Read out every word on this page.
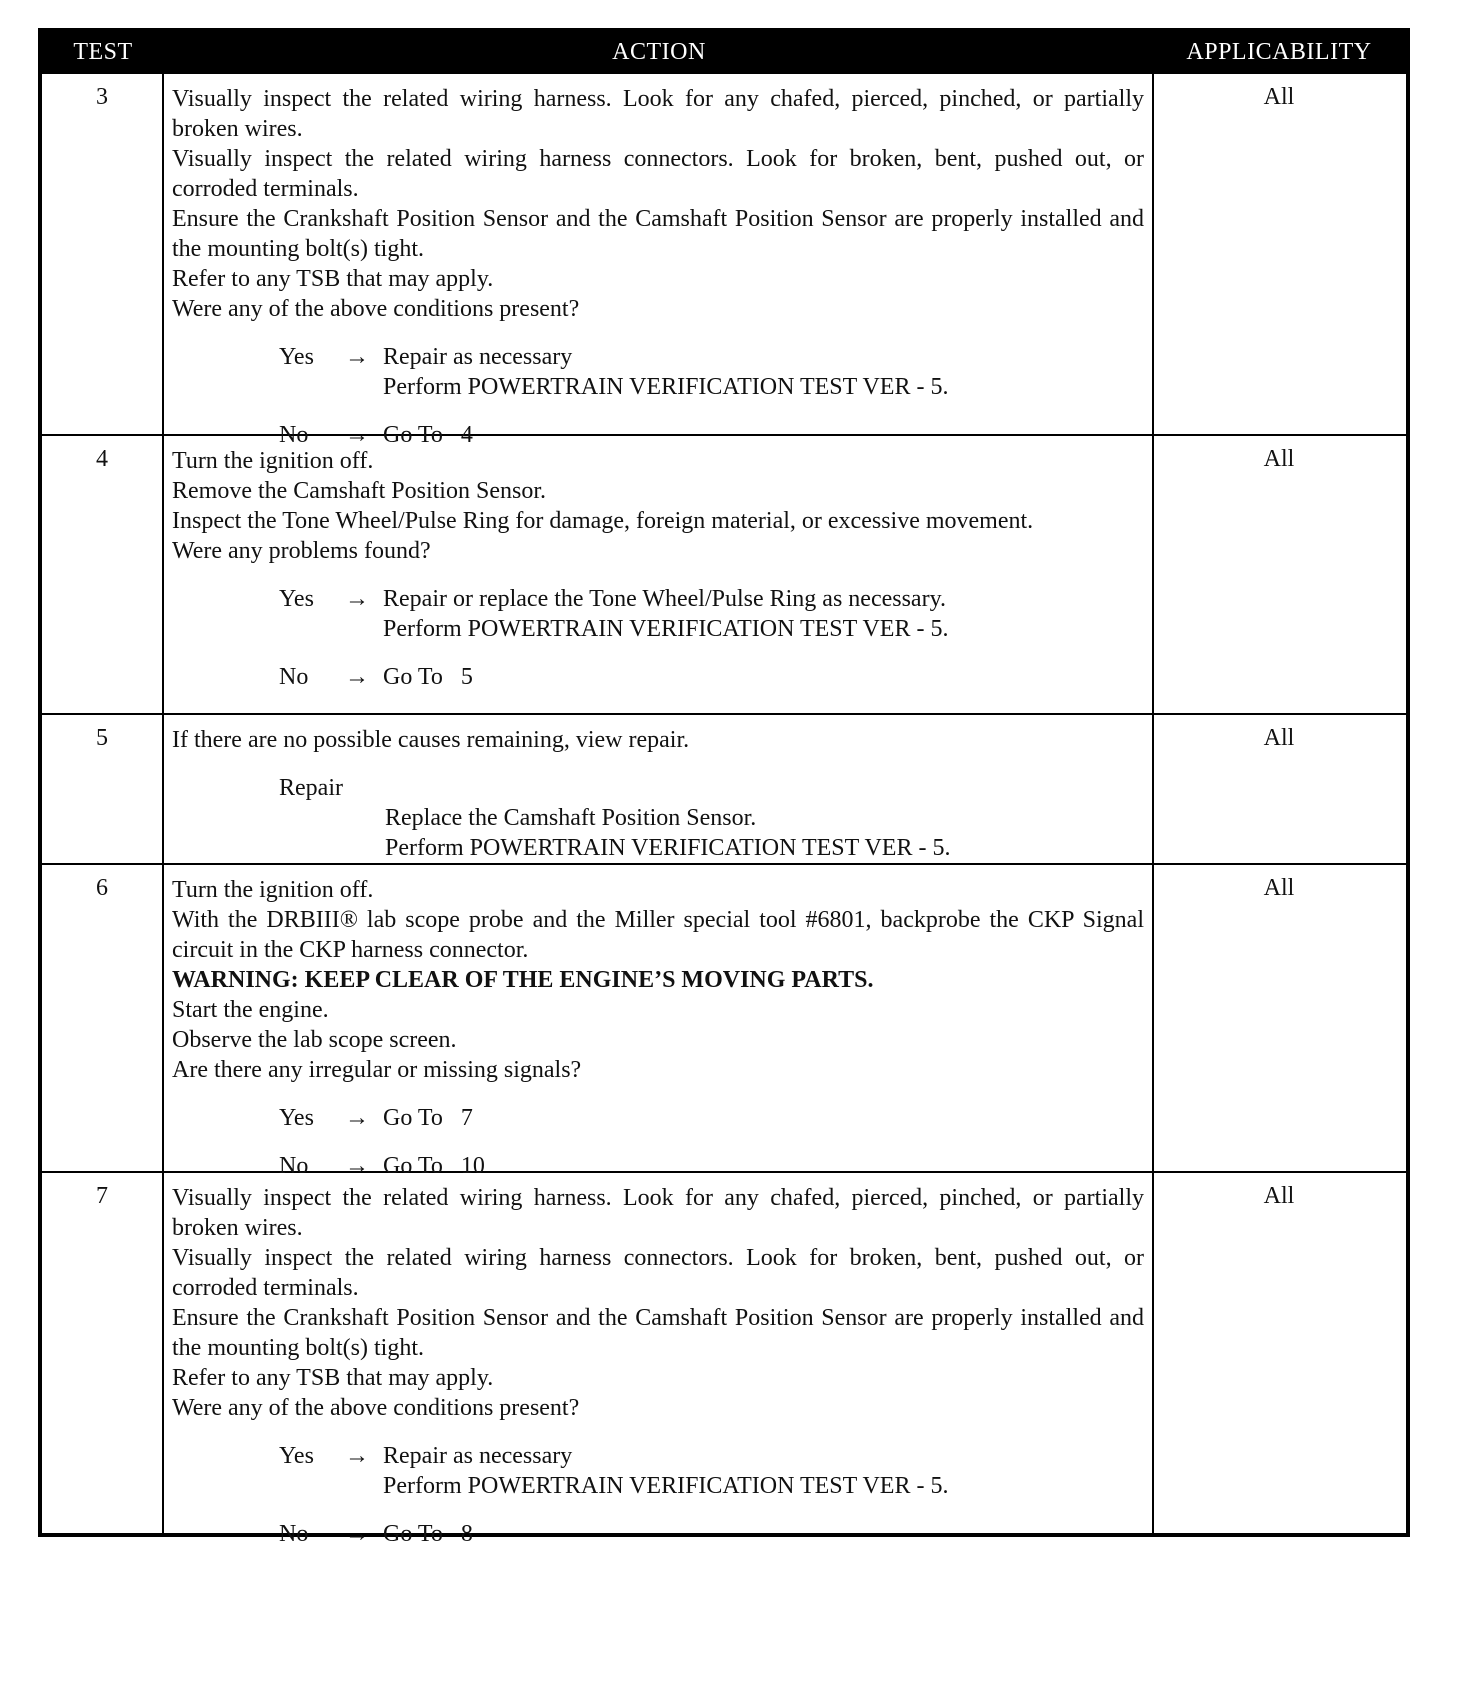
TEST	ACTION	APPLICABILITY
3	Visually inspect the related wiring harness. Look for any chafed, pierced, pinched, or partially broken wires.
Visually inspect the related wiring harness connectors. Look for broken, bent, pushed out, or corroded terminals.
Ensure the Crankshaft Position Sensor and the Camshaft Position Sensor are properly installed and the mounting bolt(s) tight.
Refer to any TSB that may apply.
Were any of the above conditions present?
Yes	→ Repair as necessary
Perform POWERTRAIN VERIFICATION TEST VER - 5.
No	→ Go To 4
All
4	Turn the ignition off.
Remove the Camshaft Position Sensor.
Inspect the Tone Wheel/Pulse Ring for damage, foreign material, or excessive movement.
Were any problems found?
Yes	→ Repair or replace the Tone Wheel/Pulse Ring as necessary.
Perform POWERTRAIN VERIFICATION TEST VER - 5.
No	→ Go To 5
All
5	If there are no possible causes remaining, view repair.
Repair
Replace the Camshaft Position Sensor.
Perform POWERTRAIN VERIFICATION TEST VER - 5.
All
6	Turn the ignition off.
With the DRBIII® lab scope probe and the Miller special tool #6801, backprobe the CKP Signal circuit in the CKP harness connector.
WARNING: KEEP CLEAR OF THE ENGINE’S MOVING PARTS.
Start the engine.
Observe the lab scope screen.
Are there any irregular or missing signals?
Yes	→ Go To 7
No	→ Go To 10
All
7	Visually inspect the related wiring harness. Look for any chafed, pierced, pinched, or partially broken wires.
Visually inspect the related wiring harness connectors. Look for broken, bent, pushed out, or corroded terminals.
Ensure the Crankshaft Position Sensor and the Camshaft Position Sensor are properly installed and the mounting bolt(s) tight.
Refer to any TSB that may apply.
Were any of the above conditions present?
Yes	→ Repair as necessary
Perform POWERTRAIN VERIFICATION TEST VER - 5.
No	→ Go To 8
All
